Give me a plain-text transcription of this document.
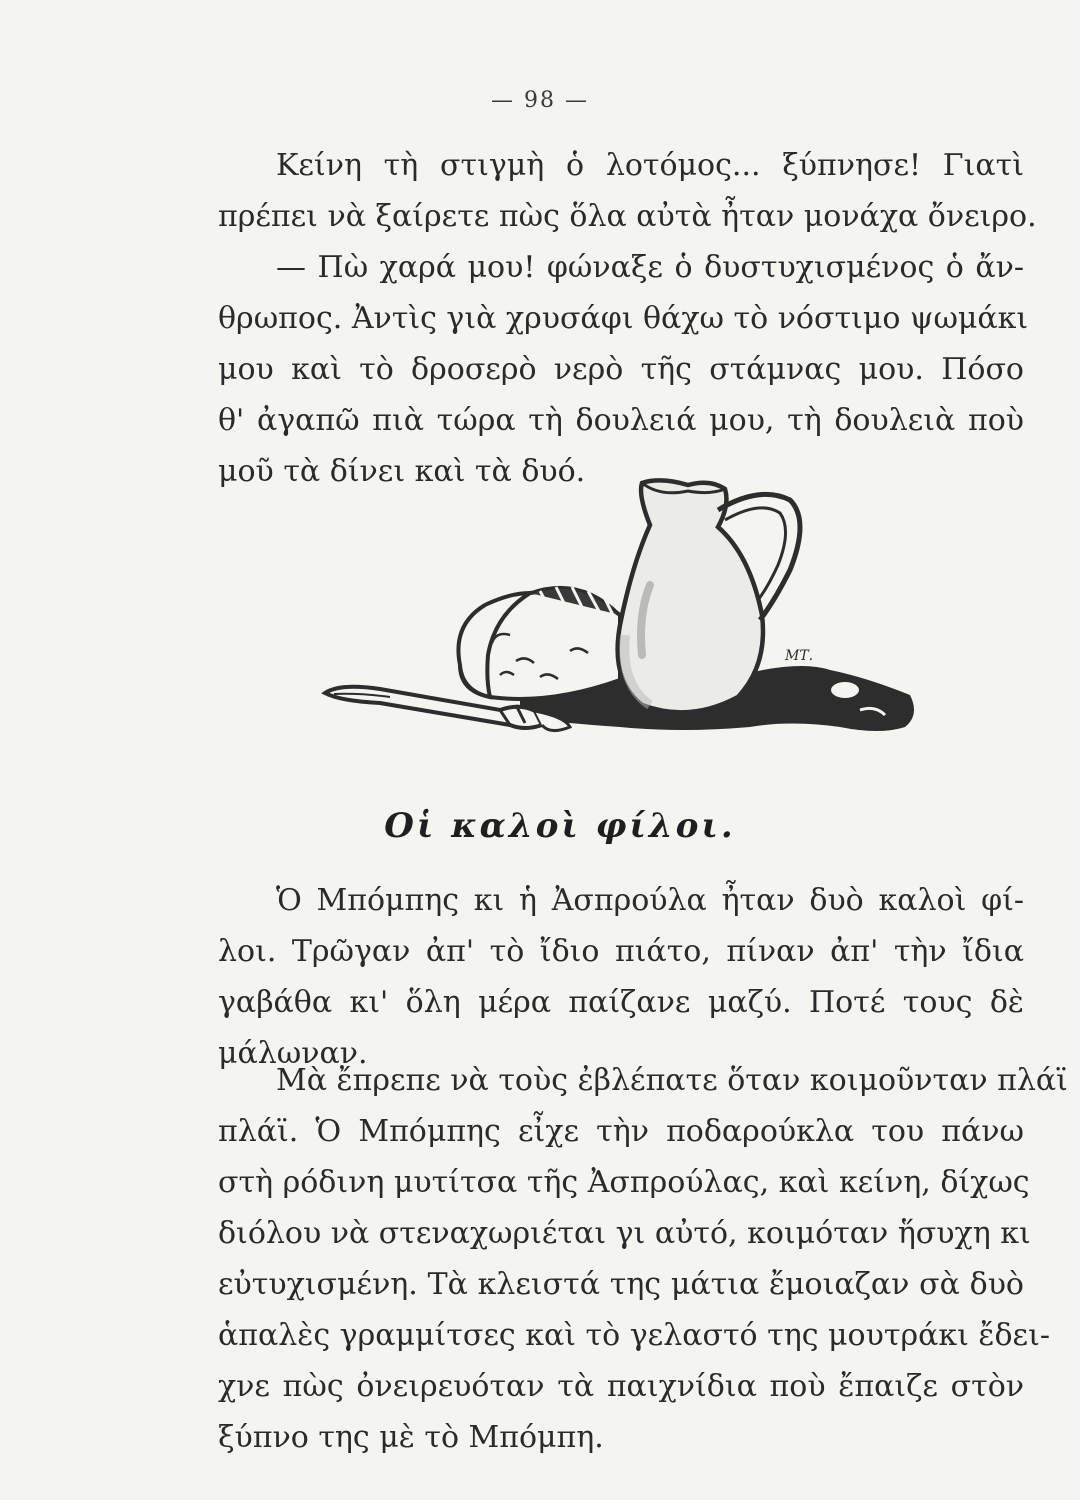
— 98 —
Κείνη τὴ στιγμὴ ὁ λοτόμος... ξύπνησε! Γιατὶ
πρέπει νὰ ξαίρετε πὼς ὅλα αὐτὰ ἦταν μονάχα ὄνειρο.
— Πὼ χαρά μου! φώναξε ὁ δυστυχισμένος ὁ ἄν-
θρωπος. Ἀντὶς γιὰ χρυσάφι θάχω τὸ νόστιμο ψωμάκι
μου καὶ τὸ δροσερὸ νερὸ τῆς στάμνας μου. Πόσο
θ' ἀγαπῶ πιὰ τώρα τὴ δουλειά μου, τὴ δουλειὰ ποὺ
μοῦ τὰ δίνει καὶ τὰ δυό.
ΜΤ.
Οἱ καλοὶ φίλοι.
Ὁ Μπόμπης κι ἡ Ἀσπρούλα ἦταν δυὸ καλοὶ φί-
λοι. Τρῶγαν ἀπ' τὸ ἴδιο πιάτο, πίναν ἀπ' τὴν ἴδια
γαβάθα κι' ὅλη μέρα παίζανε μαζύ. Ποτέ τους δὲ
μάλωναν.
Μὰ ἔπρεπε νὰ τοὺς ἐβλέπατε ὅταν κοιμοῦνταν πλάϊ
πλάϊ. Ὁ Μπόμπης εἶχε τὴν ποδαρούκλα του πάνω
στὴ ρόδινη μυτίτσα τῆς Ἀσπρούλας, καὶ κείνη, δίχως
διόλου νὰ στεναχωριέται γι αὐτό, κοιμόταν ἥσυχη κι
εὐτυχισμένη. Τὰ κλειστά της μάτια ἔμοιαζαν σὰ δυὸ
ἁπαλὲς γραμμίτσες καὶ τὸ γελαστό της μουτράκι ἔδει-
χνε πὼς ὀνειρευόταν τὰ παιχνίδια ποὺ ἔπαιζε στὸν
ξύπνο της μὲ τὸ Μπόμπη.
